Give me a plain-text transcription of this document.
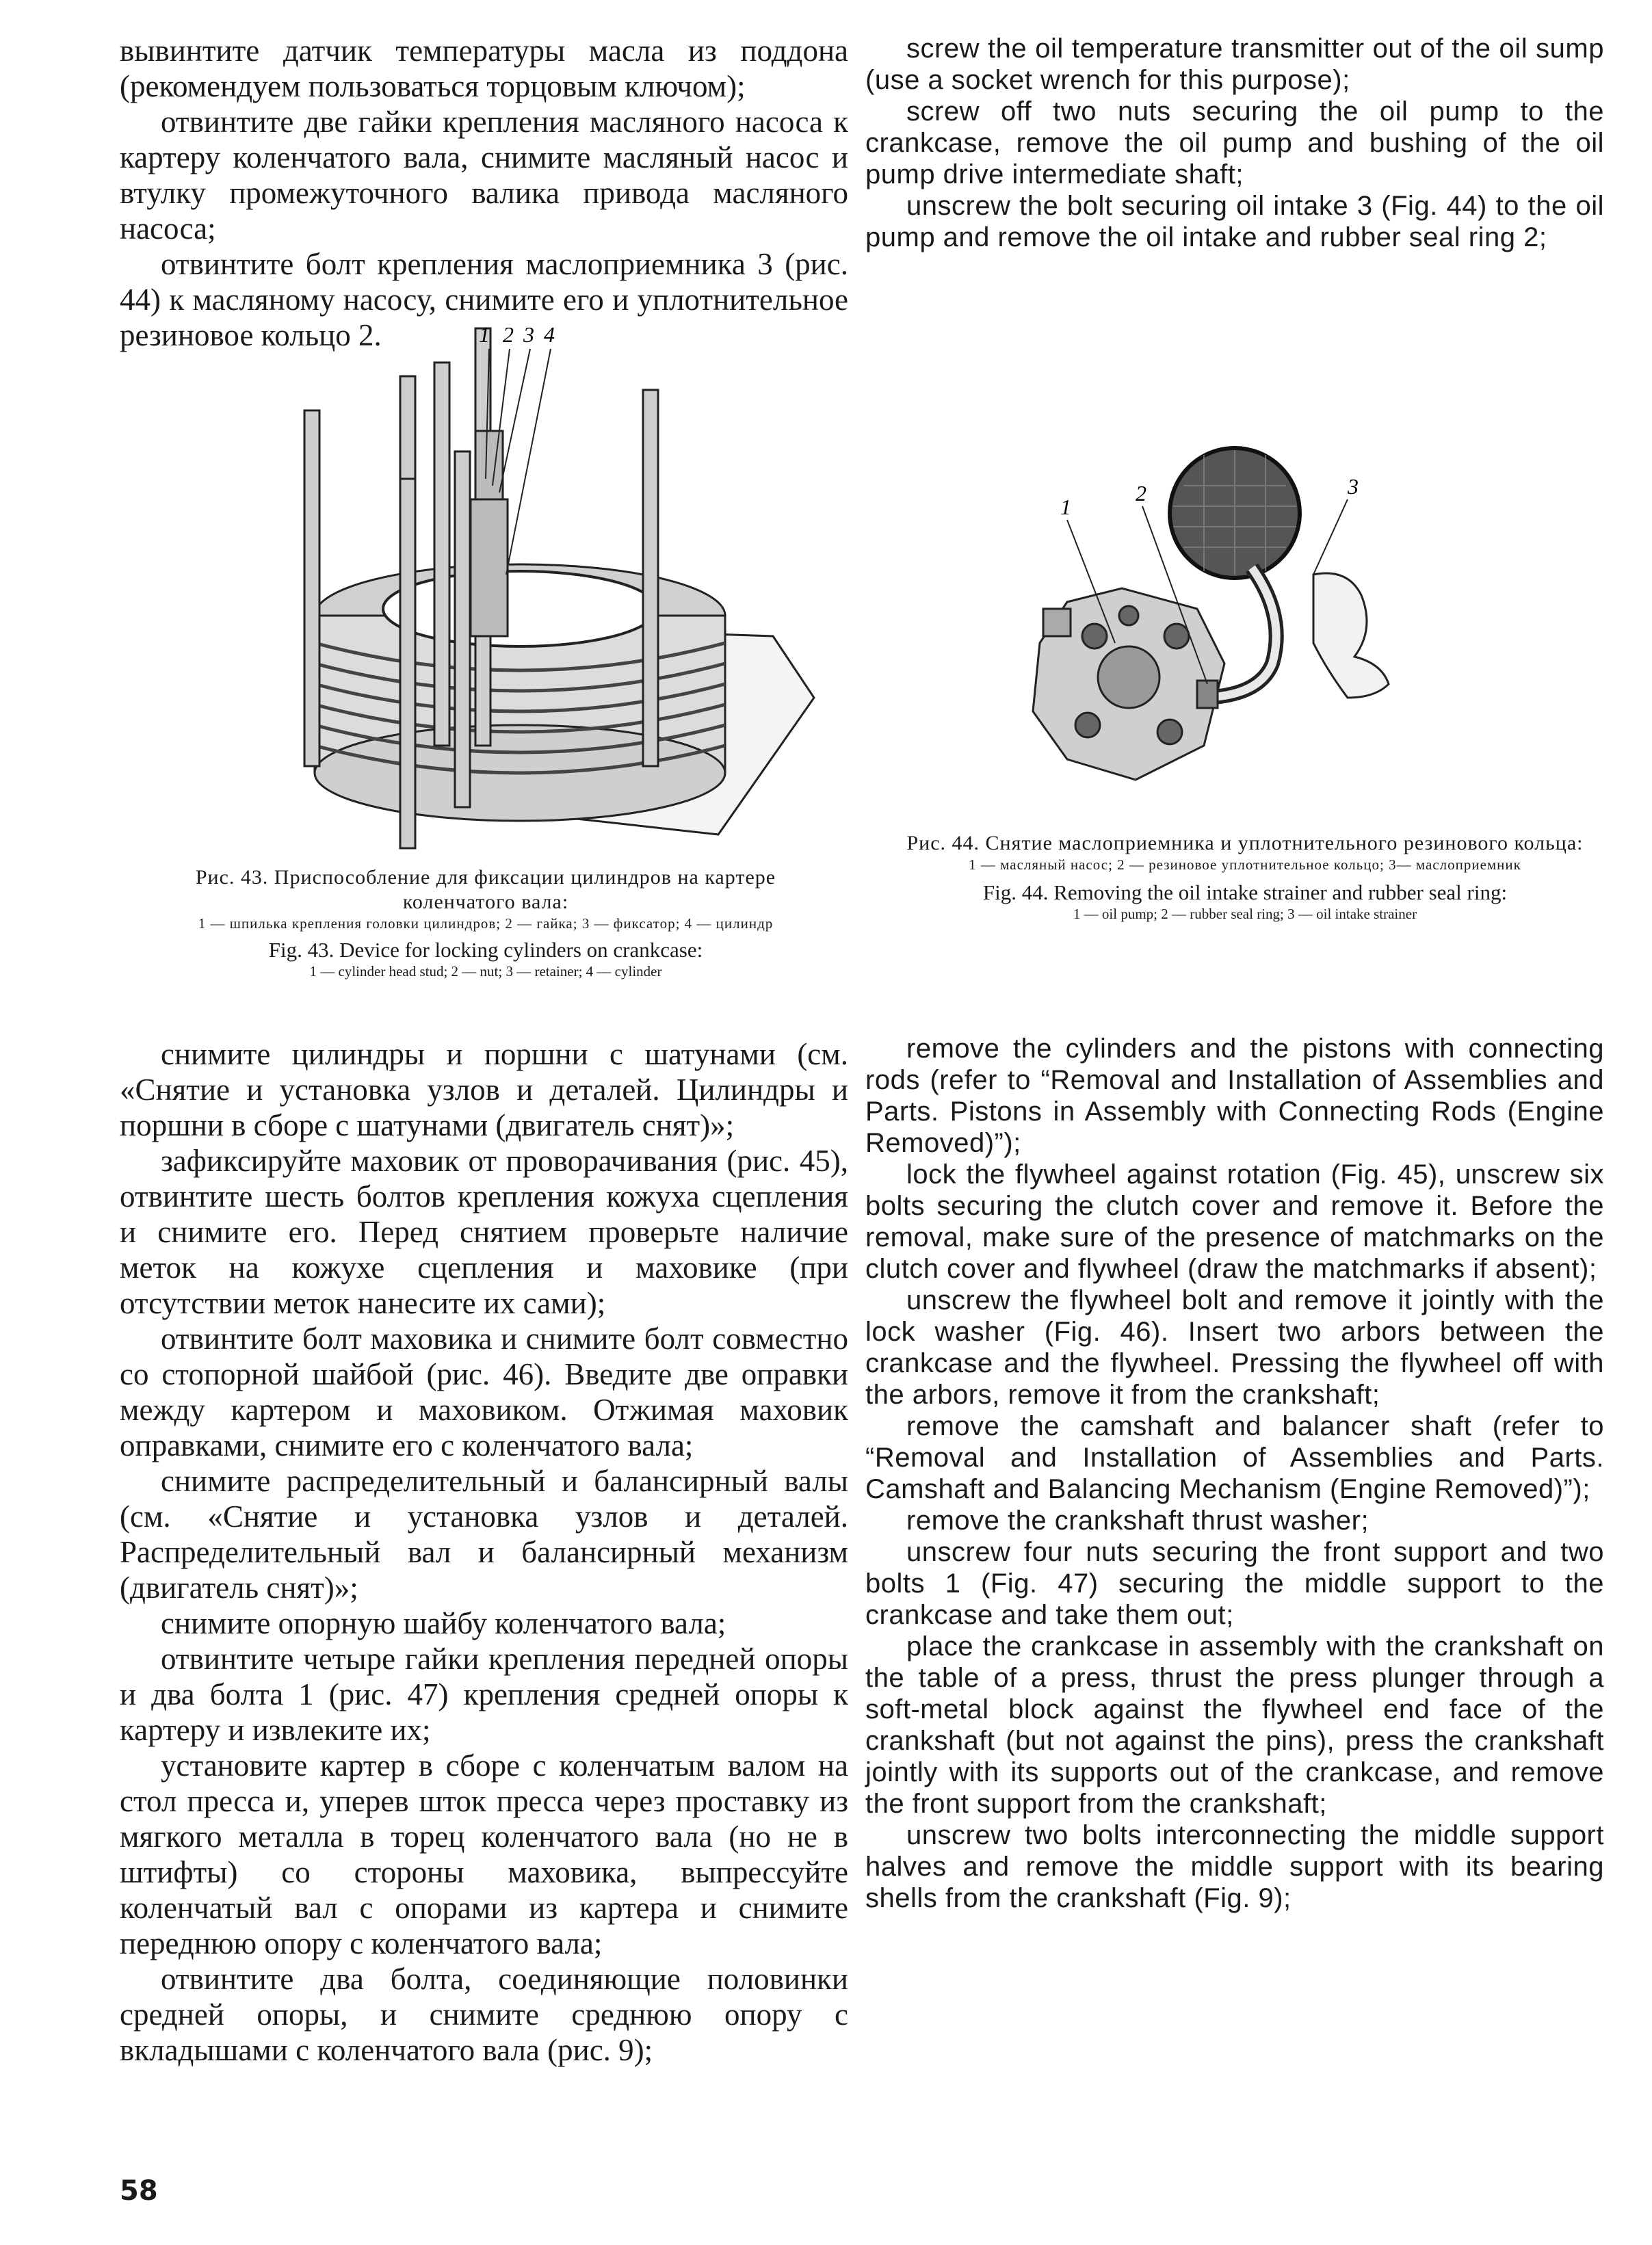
вывинтите датчик температуры масла из поддона (рекомендуем пользоваться торцовым ключом);

отвинтите две гайки крепления масляного насоса к картеру коленчатого вала, снимите масляный насос и втулку промежуточного валика привода масляного насоса;

отвинтите болт крепления маслоприемника 3 (рис. 44) к масляному насосу, снимите его и уплотнительное резиновое кольцо 2.	1 2 3 4
Рис. 43. Приспособление для фиксации цилиндров на картере коленчатого вала:
1 — шпилька крепления головки цилиндров; 2 — гайка; 3 — фиксатор; 4 — цилиндр
Fig. 43. Device for locking cylinders on crankcase:
1 — cylinder head stud; 2 — nut; 3 — retainer; 4 — cylinder

снимите цилиндры и поршни с шатунами (см. «Снятие и установка узлов и деталей. Цилиндры и поршни в сборе с шатунами (двигатель снят)»;

зафиксируйте маховик от проворачивания (рис. 45), отвинтите шесть болтов крепления кожуха сцепления и снимите его. Перед снятием проверьте наличие меток на кожухе сцепления и маховике (при отсутствии меток нанесите их сами);

отвинтите болт маховика и снимите болт совместно со стопорной шайбой (рис. 46). Введите две оправки между картером и маховиком. Отжимая маховик оправками, снимите его с коленчатого вала;

снимите распределительный и балансирный валы (см. «Снятие и установка узлов и деталей. Распределительный вал и балансирный механизм (двигатель снят)»;

снимите опорную шайбу коленчатого вала;

отвинтите четыре гайки крепления передней опоры и два болта 1 (рис. 47) крепления средней опоры к картеру и извлеките их;

установите картер в сборе с коленчатым валом на стол пресса и, уперев шток пресса через проставку из мягкого металла в торец коленчатого вала (но не в штифты) со стороны маховика, выпрессуйте коленчатый вал с опорами из картера и снимите переднюю опору с коленчатого вала;

отвинтите два болта, соединяющие половинки средней опоры, и снимите среднюю опору с вкладышами с коленчатого вала (рис. 9);

screw the oil temperature transmitter out of the oil sump (use a socket wrench for this purpose);

screw off two nuts securing the oil pump to the crankcase, remove the oil pump and bushing of the oil pump drive intermediate shaft;

unscrew the bolt securing oil intake 3 (Fig. 44) to the oil pump and remove the oil intake and rubber seal ring 2;

1
2	3
Рис. 44. Снятие маслоприемника и уплотнительного резинового кольца:
1 — масляный насос; 2 — резиновое уплотнительное кольцо; 3— маслоприемник
Fig. 44. Removing the oil intake strainer and rubber seal ring:
1 — oil pump; 2 — rubber seal ring; 3 — oil intake strainer

remove the cylinders and the pistons with connecting rods (refer to “Removal and Installation of Assemblies and Parts. Pistons in Assembly with Connecting Rods (Engine Removed)”);

lock the flywheel against rotation (Fig. 45), unscrew six bolts securing the clutch cover and remove it. Before the removal, make sure of the presence of matchmarks on the clutch cover and flywheel (draw the matchmarks if absent);

unscrew the flywheel bolt and remove it jointly with the lock washer (Fig. 46). Insert two arbors between the crankcase and the flywheel. Pressing the flywheel off with the arbors, remove it from the crankshaft;

remove the camshaft and balancer shaft (refer to “Removal and Installation of Assemblies and Parts. Camshaft and Balancing Mechanism (Engine Removed)”);

remove the crankshaft thrust washer;

unscrew four nuts securing the front support and two bolts 1 (Fig. 47) securing the middle support to the crankcase and take them out;

place the crankcase in assembly with the crankshaft on the table of a press, thrust the press plunger through a soft-metal block against the flywheel end face of the crankshaft (but not against the pins), press the crankshaft jointly with its supports out of the crankcase, and remove the front support from the crankshaft;

unscrew two bolts interconnecting the middle support halves and remove the middle support with its bearing shells from the crankshaft (Fig. 9);

58
